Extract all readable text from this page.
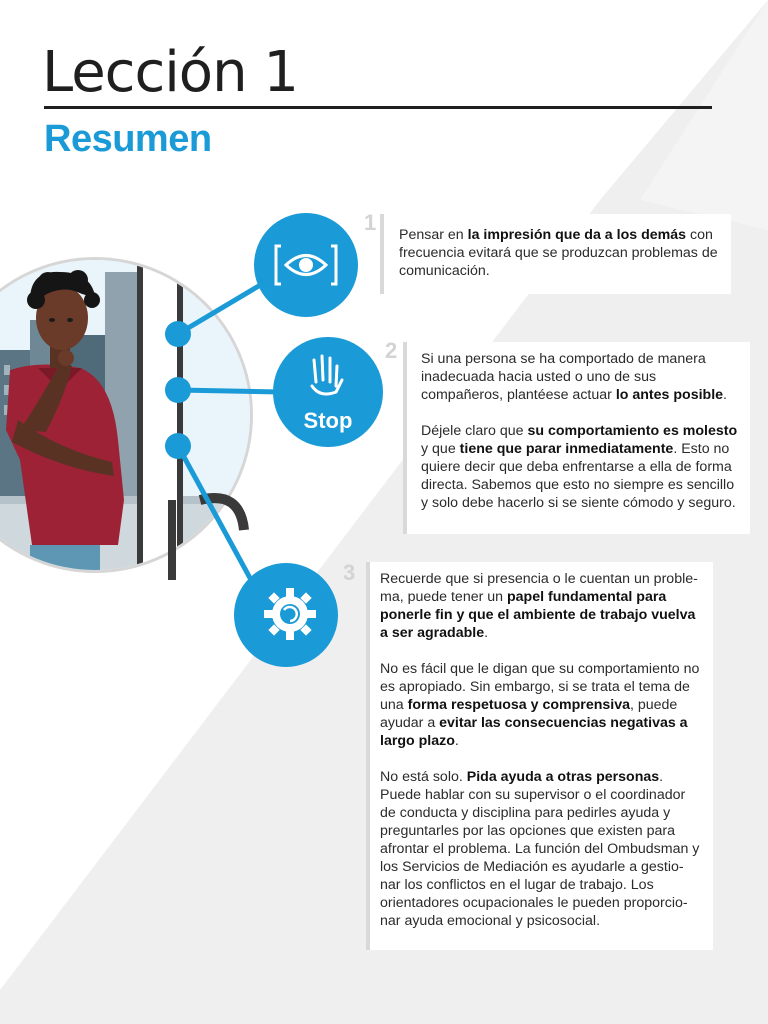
Lección 1
Resumen
Stop
1 Pensar en la impresión que da a los demás con frecuencia evitará que se produzcan problemas de comunicación.

2 Si una persona se ha comportado de manera inadecuada hacia usted o uno de sus compañeros, plantéese actuar lo antes posible.

Déjele claro que su comportamiento es molesto y que tiene que parar inmediatamente. Esto no quiere decir que deba enfrentarse a ella de forma directa. Sabemos que esto no siempre es sencillo y solo debe hacerlo si se siente cómodo y seguro.

3 Recuerde que si presencia o le cuentan un proble-ma, puede tener un papel fundamental para ponerle fin y que el ambiente de trabajo vuelva a ser agradable.

No es fácil que le digan que su comportamiento no es apropiado. Sin embargo, si se trata el tema de una forma respetuosa y comprensiva, puede ayudar a evitar las consecuencias negativas a largo plazo.

No está solo. Pida ayuda a otras personas. Puede hablar con su supervisor o el coordinador de conducta y disciplina para pedirles ayuda y preguntarles por las opciones que existen para afrontar el problema. La función del Ombudsman y los Servicios de Mediación es ayudarle a gestio-nar los conflictos en el lugar de trabajo. Los orientadores ocupacionales le pueden proporcio-nar ayuda emocional y psicosocial.
